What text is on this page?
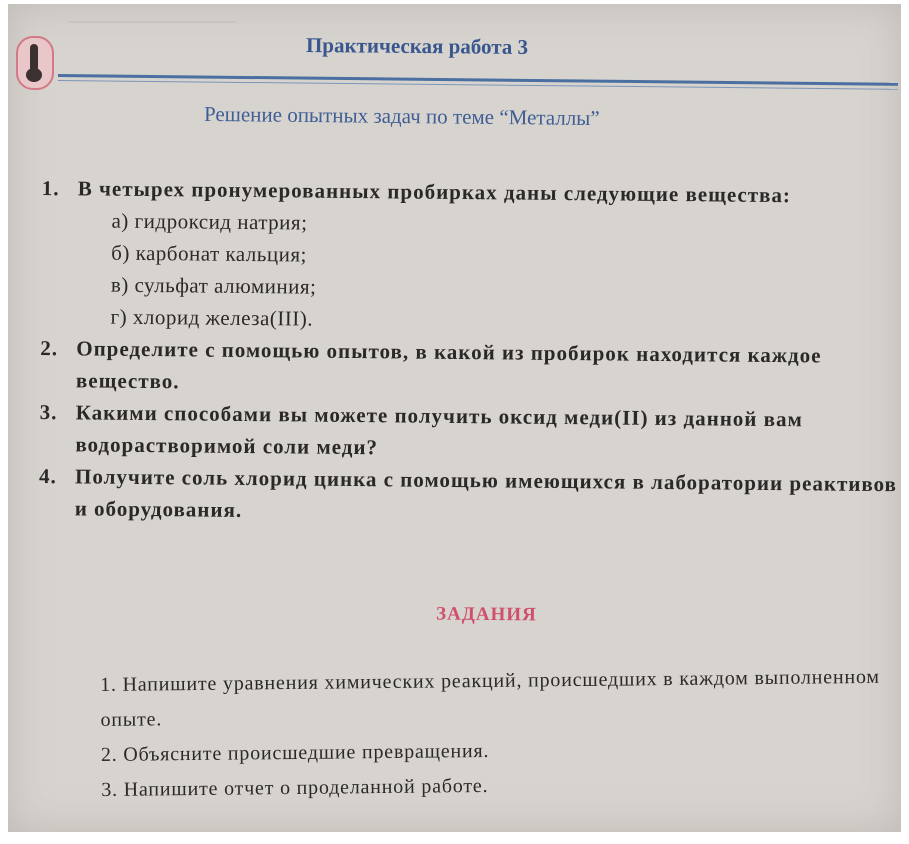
──────────────
Практическая работа 3
Решение опытных задач по теме “Металлы”
1. В четырех пронумерованных пробирках даны следующие вещества:
а) гидроксид натрия;
б) карбонат кальция;
в) сульфат алюминия;
г) хлорид железа(III).
2. Определите с помощью опытов, в какой из пробирок находится каждое вещество.
3. Какими способами вы можете получить оксид меди(II) из данной вам водорастворимой соли меди?
4. Получите соль хлорид цинка с помощью имеющихся в лаборатории реактивов и оборудования.
ЗАДАНИЯ
1. Напишите уравнения химических реакций, происшедших в каждом выполненном опыте.
2. Объясните происшедшие превращения.
3. Напишите отчет о проделанной работе.
